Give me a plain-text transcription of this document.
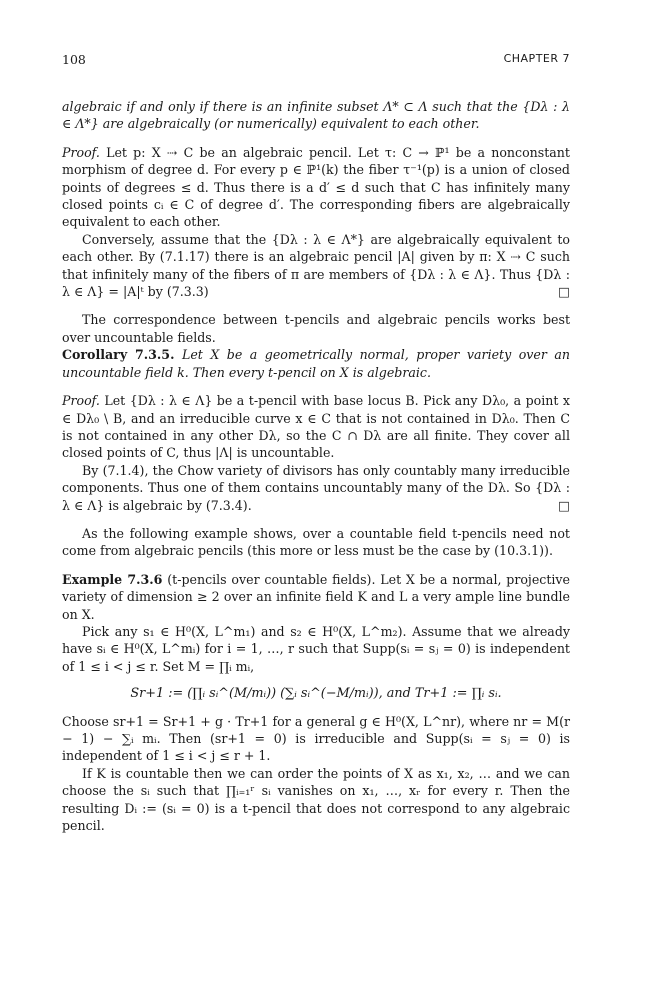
108	CHAPTER 7

algebraic if and only if there is an infinite subset Λ* ⊂ Λ such that the {Dλ : λ ∈ Λ*} are algebraically (or numerically) equivalent to each other.

Proof. Let p: X ⇢ C be an algebraic pencil. Let τ: C → ℙ¹ be a nonconstant morphism of degree d. For every p ∈ ℙ¹(k) the fiber τ⁻¹(p) is a union of closed points of degrees ≤ d. Thus there is a d′ ≤ d such that C has infinitely many closed points cᵢ ∈ C of degree d′. The corresponding fibers are algebraically equivalent to each other.

Conversely, assume that the {Dλ : λ ∈ Λ*} are algebraically equivalent to each other. By (7.1.17) there is an algebraic pencil |A| given by π: X ⇢ C such that infinitely many of the fibers of π are members of {Dλ : λ ∈ Λ}. Thus {Dλ : λ ∈ Λ} = |A|ᵗ by (7.3.3)	□

The correspondence between t-pencils and algebraic pencils works best over uncountable fields.

Corollary 7.3.5. Let X be a geometrically normal, proper variety over an uncountable field k. Then every t-pencil on X is algebraic.

Proof. Let {Dλ : λ ∈ Λ} be a t-pencil with base locus B. Pick any Dλ₀, a point x ∈ Dλ₀ \ B, and an irreducible curve x ∈ C that is not contained in Dλ₀. Then C is not contained in any other Dλ, so the C ∩ Dλ are all finite. They cover all closed points of C, thus |Λ| is uncountable.

By (7.1.4), the Chow variety of divisors has only countably many irreducible components. Thus one of them contains uncountably many of the Dλ. So {Dλ : λ ∈ Λ} is algebraic by (7.3.4).	□

As the following example shows, over a countable field t-pencils need not come from algebraic pencils (this more or less must be the case by (10.3.1)).

Example 7.3.6 (t-pencils over countable fields). Let X be a normal, projective variety of dimension ≥ 2 over an infinite field K and L a very ample line bundle on X.

Pick any s₁ ∈ H⁰(X, L^m₁) and s₂ ∈ H⁰(X, L^m₂). Assume that we already have sᵢ ∈ H⁰(X, L^mᵢ) for i = 1, …, r such that Supp(sᵢ = sⱼ = 0) is independent of 1 ≤ i < j ≤ r. Set M = ∏ᵢ mᵢ,

Sr+1 := (∏ᵢ sᵢ^(M/mᵢ)) (∑ᵢ sᵢ^(−M/mᵢ)), and Tr+1 := ∏ᵢ sᵢ.

Choose sr+1 = Sr+1 + g · Tr+1 for a general g ∈ H⁰(X, L^nr), where nr = M(r − 1) − ∑ᵢ mᵢ. Then (sr+1 = 0) is irreducible and Supp(sᵢ = sⱼ = 0) is independent of 1 ≤ i < j ≤ r + 1.

If K is countable then we can order the points of X as x₁, x₂, … and we can choose the sᵢ such that ∏ᵢ₌₁ʳ sᵢ vanishes on x₁, …, xᵣ for every r. Then the resulting Dᵢ := (sᵢ = 0) is a t-pencil that does not correspond to any algebraic pencil.
